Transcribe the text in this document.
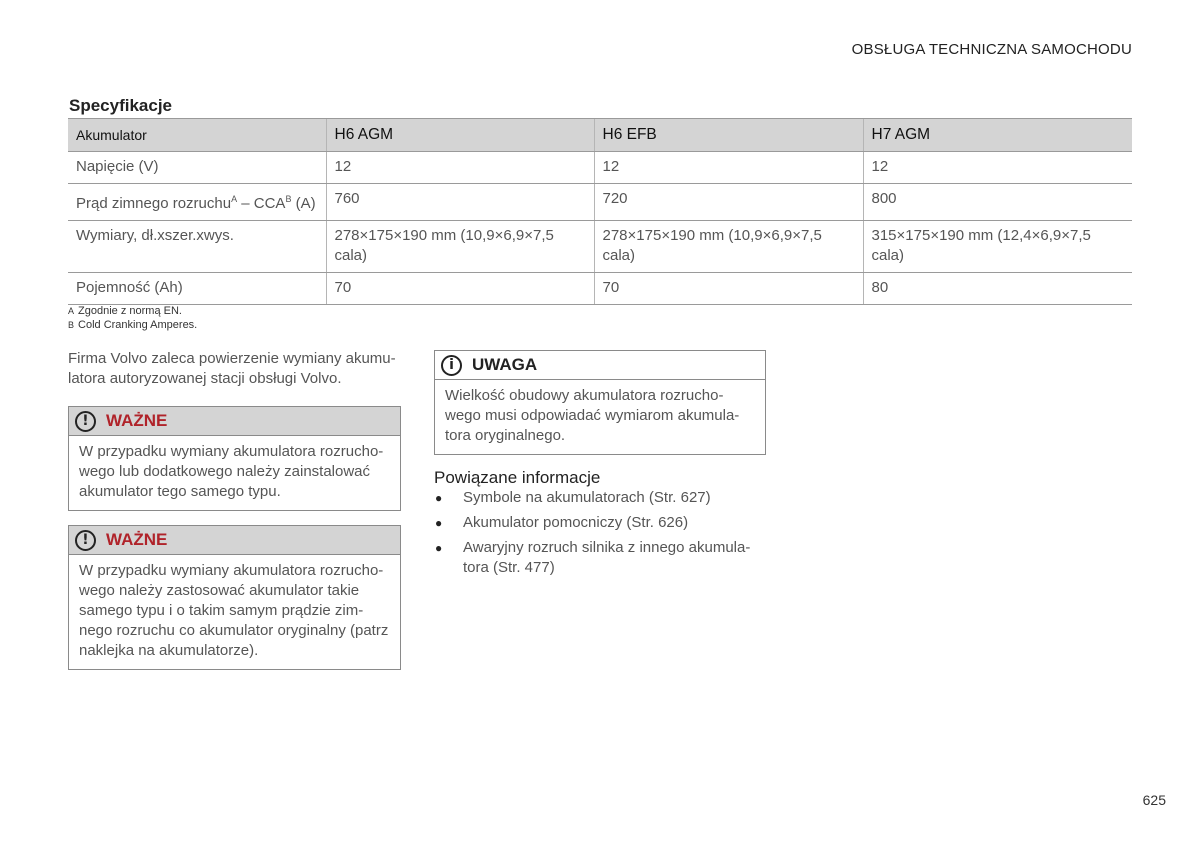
OBSŁUGA TECHNICZNA SAMOCHODU
Specyfikacje
Akumulator	H6 AGM	H6 EFB	H7 AGM
Napięcie (V)	12	12	12
Prąd zimnego rozruchu$^A$ – $CCA^B$ (A)	760	720	800
Wymiary, dł.xszer.xwys.	278×175×190 mm (10,9×6,9×7,5 cala)	278×175×190 mm (10,9×6,9×7,5 cala)	315×175×190 mm (12,4×6,9×7,5 cala)
Pojemność (Ah)	70	70	80
A Zgodnie z normą EN.
B Cold Cranking Amperes.
Firma Volvo zaleca powierzenie wymiany akumu-latora autoryzowanej stacji obsługi Volvo.
!	WAŻNE
W przypadku wymiany akumulatora rozrucho-wego lub dodatkowego należy zainstalować akumulator tego samego typu.
!	WAŻNE
W przypadku wymiany akumulatora rozrucho-wego należy zastosować akumulator takie samego typu i o takim samym prądzie zim-nego rozruchu co akumulator oryginalny (patrz naklejka na akumulatorze).
i	UWAGA
Wielkość obudowy akumulatora rozrucho-wego musi odpowiadać wymiarom akumula-tora oryginalnego.
Powiązane informacje
● Symbole na akumulatorach (Str. 627)
● Akumulator pomocniczy (Str. 626)
● Awaryjny rozruch silnika z innego akumula-tora (Str. 477)
625
